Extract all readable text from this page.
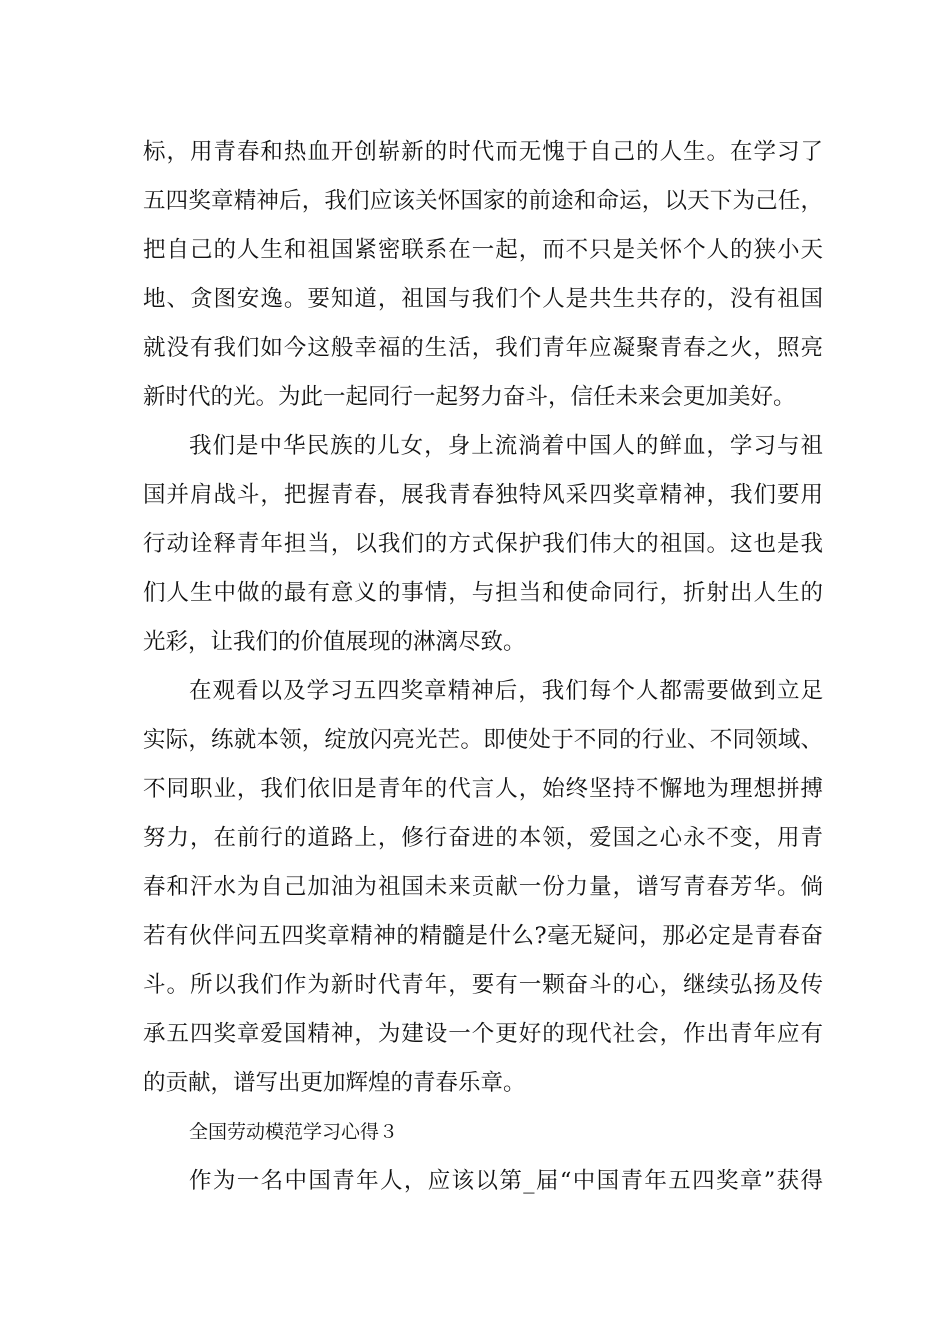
标，用青春和热血开创崭新的时代而无愧于自己的人生。在学习了
五四奖章精神后，我们应该关怀国家的前途和命运，以天下为己任，
把自己的人生和祖国紧密联系在一起，而不只是关怀个人的狭小天
地、贪图安逸。要知道，祖国与我们个人是共生共存的，没有祖国
就没有我们如今这般幸福的生活，我们青年应凝聚青春之火，照亮
新时代的光。为此一起同行一起努力奋斗，信任未来会更加美好。
我们是中华民族的儿女，身上流淌着中国人的鲜血，学习与祖
国并肩战斗，把握青春，展我青春独特风采四奖章精神，我们要用
行动诠释青年担当，以我们的方式保护我们伟大的祖国。这也是我
们人生中做的最有意义的事情，与担当和使命同行，折射出人生的
光彩，让我们的价值展现的淋漓尽致。
在观看以及学习五四奖章精神后，我们每个人都需要做到立足
实际，练就本领，绽放闪亮光芒。即使处于不同的行业、不同领域、
不同职业，我们依旧是青年的代言人，始终坚持不懈地为理想拼搏
努力，在前行的道路上，修行奋进的本领，爱国之心永不变，用青
春和汗水为自己加油为祖国未来贡献一份力量，谱写青春芳华。倘
若有伙伴问五四奖章精神的精髓是什么?毫无疑问，那必定是青春奋
斗。所以我们作为新时代青年，要有一颗奋斗的心，继续弘扬及传
承五四奖章爱国精神，为建设一个更好的现代社会，作出青年应有
的贡献，谱写出更加辉煌的青春乐章。
全国劳动模范学习心得３
作为一名中国青年人，应该以第_届“中国青年五四奖章”获得
